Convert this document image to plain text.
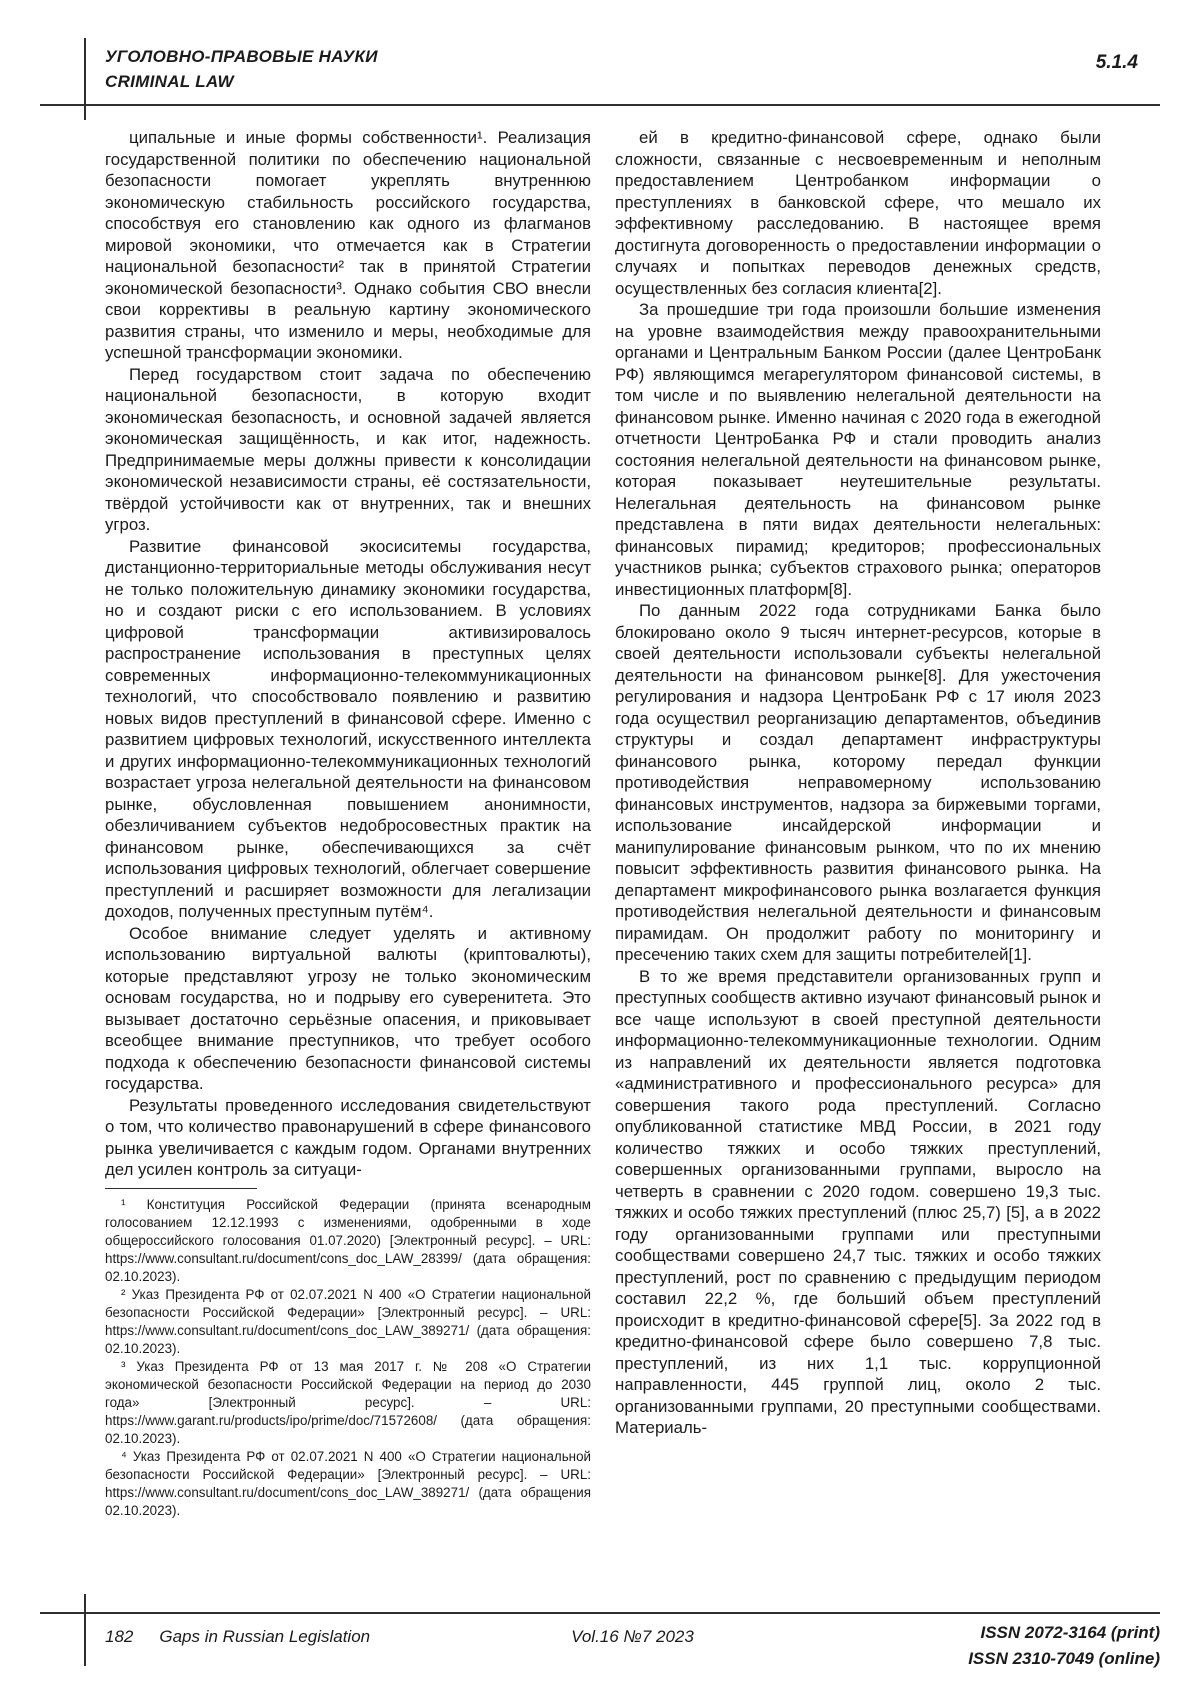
УГОЛОВНО-ПРАВОВЫЕ НАУКИ
CRIMINAL LAW
5.1.4

ципальные и иные формы собственности¹. Реализация государственной политики по обеспечению национальной безопасности помогает укреплять внутреннюю экономическую стабильность российского государства, способствуя его становлению как одного из флагманов мировой экономики, что отмечается как в Стратегии национальной безопасности² так в принятой Стратегии экономической безопасности³. Однако события СВО внесли свои коррективы в реальную картину экономического развития страны, что изменило и меры, необходимые для успешной трансформации экономики.

Перед государством стоит задача по обеспечению национальной безопасности, в которую входит экономическая безопасность, и основной задачей является экономическая защищённость, и как итог, надежность. Предпринимаемые меры должны привести к консолидации экономической независимости страны, её состязательности, твёрдой устойчивости как от внутренних, так и внешних угроз.

Развитие финансовой экосиситемы государства, дистанционно-территориальные методы обслуживания несут не только положительную динамику экономики государства, но и создают риски с его использованием. В условиях цифровой трансформации активизировалось распространение использования в преступных целях современных информационно-телекоммуникационных технологий, что способствовало появлению и развитию новых видов преступлений в финансовой сфере. Именно с развитием цифровых технологий, искусственного интеллекта и других информационно-телекоммуникационных технологий возрастает угроза нелегальной деятельности на финансовом рынке, обусловленная повышением анонимности, обезличиванием субъектов недобросовестных практик на финансовом рынке, обеспечивающихся за счёт использования цифровых технологий, облегчает совершение преступлений и расширяет возможности для легализации доходов, полученных преступным путём⁴.

Особое внимание следует уделять и активному использованию виртуальной валюты (криптовалюты), которые представляют угрозу не только экономическим основам государства, но и подрыву его суверенитета. Это вызывает достаточно серьёзные опасения, и приковывает всеобщее внимание преступников, что требует особого подхода к обеспечению безопасности финансовой системы государства.

Результаты проведенного исследования свидетельствуют о том, что количество правонарушений в сфере финансового рынка увеличивается с каждым годом. Органами внутренних дел усилен контроль за ситуаци-

¹ Конституция Российской Федерации (принята всенародным голосованием 12.12.1993 с изменениями, одобренными в ходе общероссийского голосования 01.07.2020) [Электронный ресурс]. – URL: https://www.consultant.ru/document/cons_doc_LAW_28399/ (дата обращения: 02.10.2023).

² Указ Президента РФ от 02.07.2021 N 400 «О Стратегии национальной безопасности Российской Федерации» [Электронный ресурс]. – URL: https://www.consultant.ru/document/cons_doc_LAW_389271/ (дата обращения: 02.10.2023).

³ Указ Президента РФ от 13 мая 2017 г. № 208 «О Стратегии экономической безопасности Российской Федерации на период до 2030 года» [Электронный ресурс]. – URL: https://www.garant.ru/products/ipo/prime/doc/71572608/ (дата обращения: 02.10.2023).

⁴ Указ Президента РФ от 02.07.2021 N 400 «О Стратегии национальной безопасности Российской Федерации» [Электронный ресурс]. – URL: https://www.consultant.ru/document/cons_doc_LAW_389271/ (дата обращения 02.10.2023).

ей в кредитно-финансовой сфере, однако были сложности, связанные с несвоевременным и неполным предоставлением Центробанком информации о преступлениях в банковской сфере, что мешало их эффективному расследованию. В настоящее время достигнута договоренность о предоставлении информации о случаях и попытках переводов денежных средств, осуществленных без согласия клиента[2].

За прошедшие три года произошли большие изменения на уровне взаимодействия между правоохранительными органами и Центральным Банком России (далее ЦентроБанк РФ) являющимся мегарегулятором финансовой системы, в том числе и по выявлению нелегальной деятельности на финансовом рынке. Именно начиная с 2020 года в ежегодной отчетности ЦентроБанка РФ и стали проводить анализ состояния нелегальной деятельности на финансовом рынке, которая показывает неутешительные результаты. Нелегальная деятельность на финансовом рынке представлена в пяти видах деятельности нелегальных: финансовых пирамид; кредиторов; профессиональных участников рынка; субъектов страхового рынка; операторов инвестиционных платформ[8].

По данным 2022 года сотрудниками Банка было блокировано около 9 тысяч интернет-ресурсов, которые в своей деятельности использовали субъекты нелегальной деятельности на финансовом рынке[8]. Для ужесточения регулирования и надзора ЦентроБанк РФ с 17 июля 2023 года осуществил реорганизацию департаментов, объединив структуры и создал департамент инфраструктуры финансового рынка, которому передал функции противодействия неправомерному использованию финансовых инструментов, надзора за биржевыми торгами, использование инсайдерской информации и манипулирование финансовым рынком, что по их мнению повысит эффективность развития финансового рынка. На департамент микрофинансового рынка возлагается функция противодействия нелегальной деятельности и финансовым пирамидам. Он продолжит работу по мониторингу и пресечению таких схем для защиты потребителей[1].

В то же время представители организованных групп и преступных сообществ активно изучают финансовый рынок и все чаще используют в своей преступной деятельности информационно-телекоммуникационные технологии. Одним из направлений их деятельности является подготовка «административного и профессионального ресурса» для совершения такого рода преступлений. Согласно опубликованной статистике МВД России, в 2021 году количество тяжких и особо тяжких преступлений, совершенных организованными группами, выросло на четверть в сравнении с 2020 годом. совершено 19,3 тыс. тяжких и особо тяжких преступлений (плюс 25,7) [5], а в 2022 году организованными группами или преступными сообществами совершено 24,7 тыс. тяжких и особо тяжких преступлений, рост по сравнению с предыдущим периодом составил 22,2 %, где больший объем преступлений происходит в кредитно-финансовой сфере[5]. За 2022 год в кредитно-финансовой сфере было совершено 7,8 тыс. преступлений, из них 1,1 тыс. коррупционной направленности, 445 группой лиц, около 2 тыс. организованными группами, 20 преступными сообществами. Материаль-

182 Gaps in Russian Legislation	Vol.16 №7 2023	ISSN 2072-3164 (print)
ISSN 2310-7049 (online)
